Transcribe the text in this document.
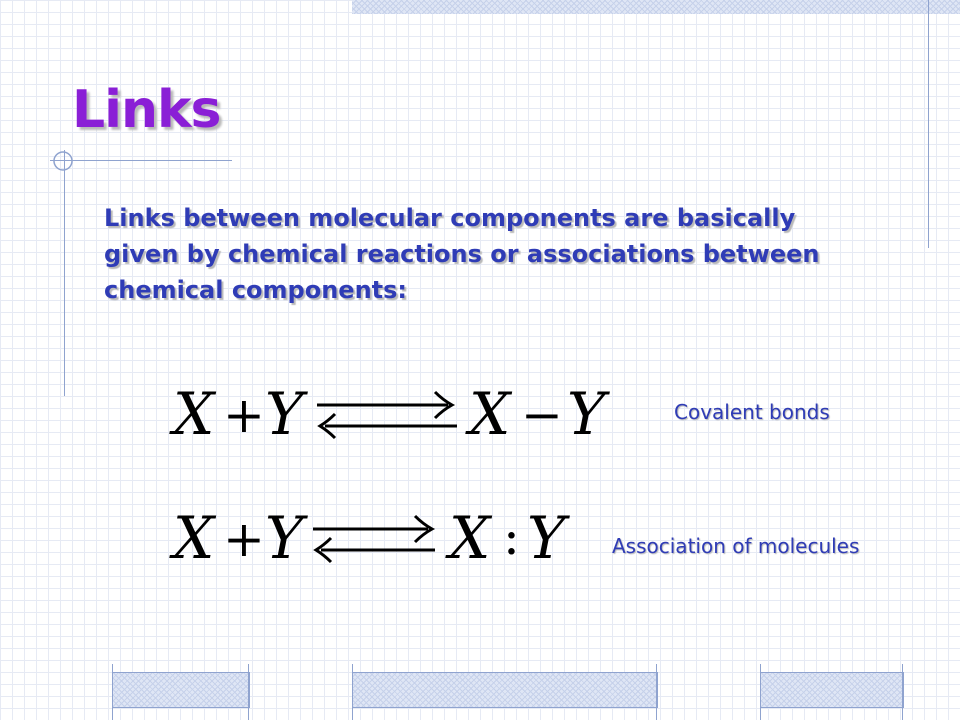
Links

Links between molecular components are basically given by chemical reactions or associations between chemical components:

X + Y	X − Y	Covalent bonds

X + Y	X : Y Association of molecules
